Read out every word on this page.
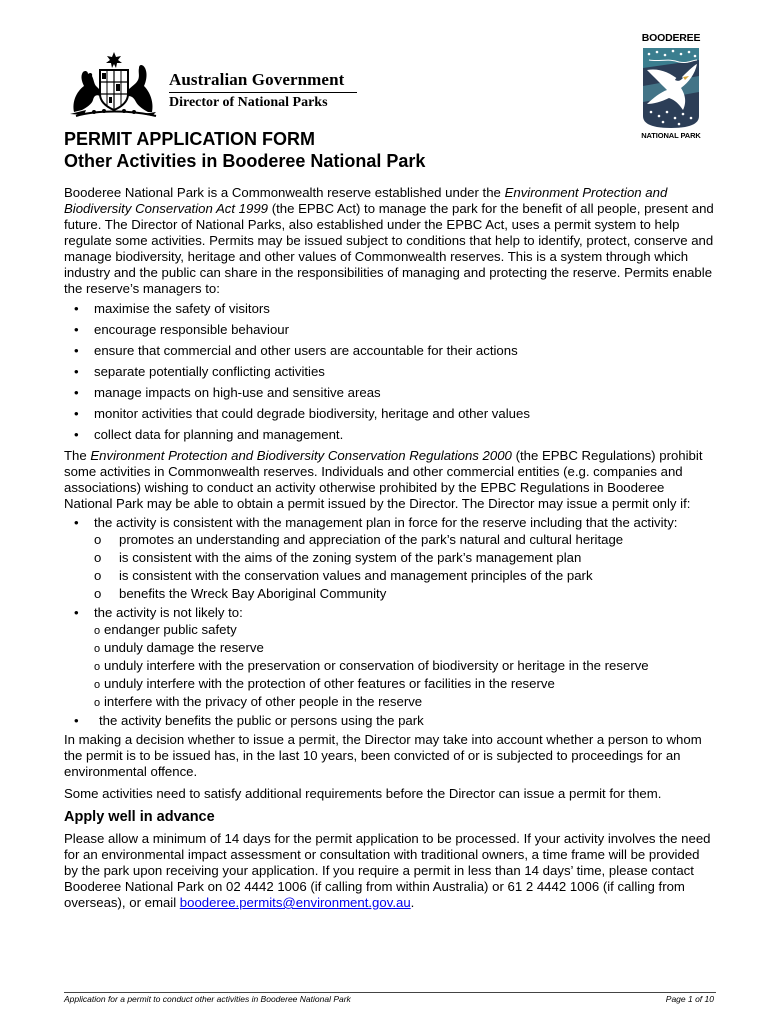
Australian Government
Director of National Parks
BOODEREE
NATIONAL PARK
PERMIT APPLICATION FORM
Other Activities in Booderee National Park

Booderee National Park is a Commonwealth reserve established under the Environment Protection and Biodiversity Conservation Act 1999 (the EPBC Act) to manage the park for the benefit of all people, present and future. The Director of National Parks, also established under the EPBC Act, uses a permit system to help regulate some activities. Permits may be issued subject to conditions that help to identify, protect, conserve and manage biodiversity, heritage and other values of Commonwealth reserves. This is a system through which industry and the public can share in the responsibilities of managing and protecting the reserve. Permits enable the reserve’s managers to:

• maximise the safety of visitors
• encourage responsible behaviour
• ensure that commercial and other users are accountable for their actions
• separate potentially conflicting activities
• manage impacts on high-use and sensitive areas
• monitor activities that could degrade biodiversity, heritage and other values
• collect data for planning and management.

The Environment Protection and Biodiversity Conservation Regulations 2000 (the EPBC Regulations) prohibit some activities in Commonwealth reserves. Individuals and other commercial entities (e.g. companies and associations) wishing to conduct an activity otherwise prohibited by the EPBC Regulations in Booderee National Park may be able to obtain a permit issued by the Director. The Director may issue a permit only if:

• the activity is consistent with the management plan in force for the reserve including that the activity:
o promotes an understanding and appreciation of the park’s natural and cultural heritage
o is consistent with the aims of the zoning system of the park’s management plan
o is consistent with the conservation values and management principles of the park
o benefits the Wreck Bay Aboriginal Community
• the activity is not likely to:
o endanger public safety
o unduly damage the reserve
o unduly interfere with the preservation or conservation of biodiversity or heritage in the reserve
o unduly interfere with the protection of other features or facilities in the reserve
o interfere with the privacy of other people in the reserve
• the activity benefits the public or persons using the park

In making a decision whether to issue a permit, the Director may take into account whether a person to whom the permit is to be issued has, in the last 10 years, been convicted of or is subjected to proceedings for an environmental offence.

Some activities need to satisfy additional requirements before the Director can issue a permit for them.

Apply well in advance

Please allow a minimum of 14 days for the permit application to be processed. If your activity involves the need for an environmental impact assessment or consultation with traditional owners, a time frame will be provided by the park upon receiving your application. If you require a permit in less than 14 days’ time, please contact Booderee National Park on 02 4442 1006 (if calling from within Australia) or 61 2 4442 1006 (if calling from overseas), or email booderee.permits@environment.gov.au.

Application for a permit to conduct other activities in Booderee National Park	Page 1 of 10
